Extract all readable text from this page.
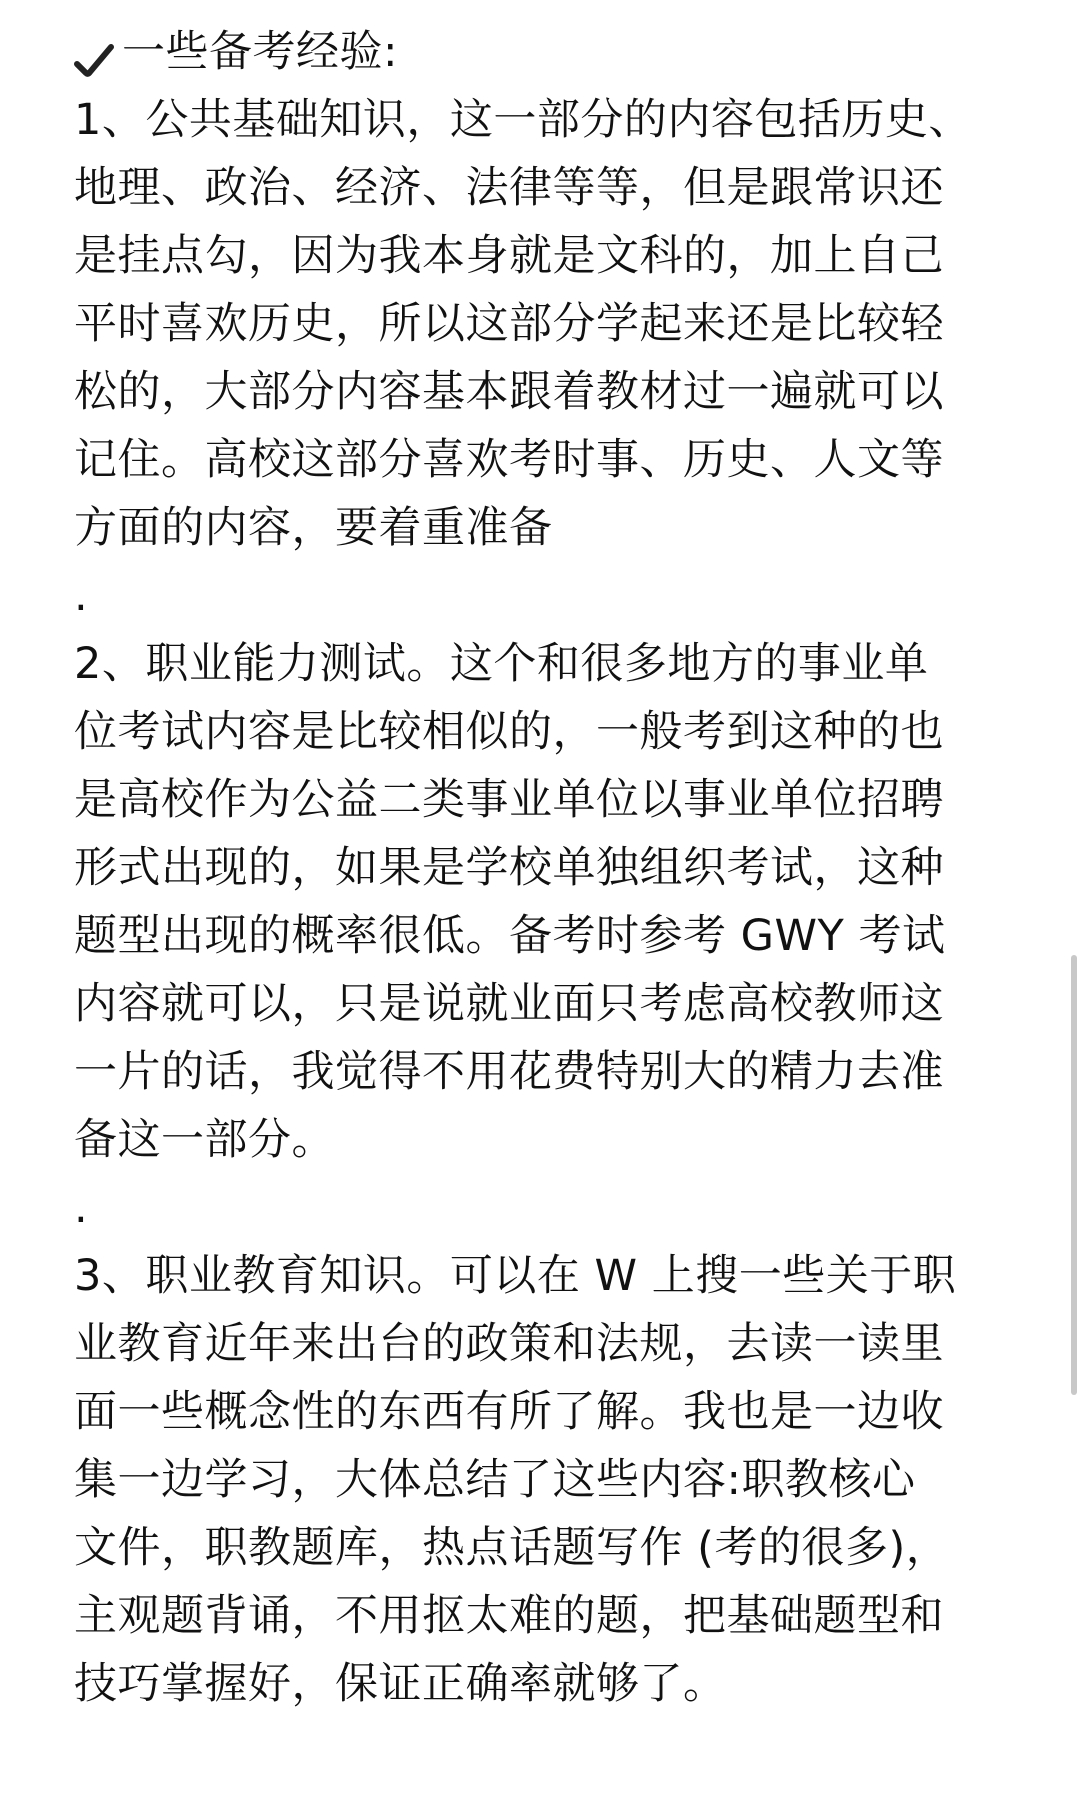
一些备考经验:
1、公共基础知识，这一部分的内容包括历史、
地理、政治、经济、法律等等，但是跟常识还
是挂点勾，因为我本身就是文科的，加上自己
平时喜欢历史，所以这部分学起来还是比较轻
松的，大部分内容基本跟着教材过一遍就可以
记住。高校这部分喜欢考时事、历史、人文等
方面的内容，要着重准备
.
2、职业能力测试。这个和很多地方的事业单
位考试内容是比较相似的，一般考到这种的也
是高校作为公益二类事业单位以事业单位招聘
形式出现的，如果是学校单独组织考试，这种
题型出现的概率很低。备考时参考 GWY 考试
内容就可以，只是说就业面只考虑高校教师这
一片的话，我觉得不用花费特别大的精力去准
备这一部分。
.
3、职业教育知识。可以在 W 上搜一些关于职
业教育近年来出台的政策和法规，去读一读里
面一些概念性的东西有所了解。我也是一边收
集一边学习，大体总结了这些内容:职教核心
文件，职教题库，热点话题写作 (考的很多)，
主观题背诵，不用抠太难的题，把基础题型和
技巧掌握好，保证正确率就够了。
